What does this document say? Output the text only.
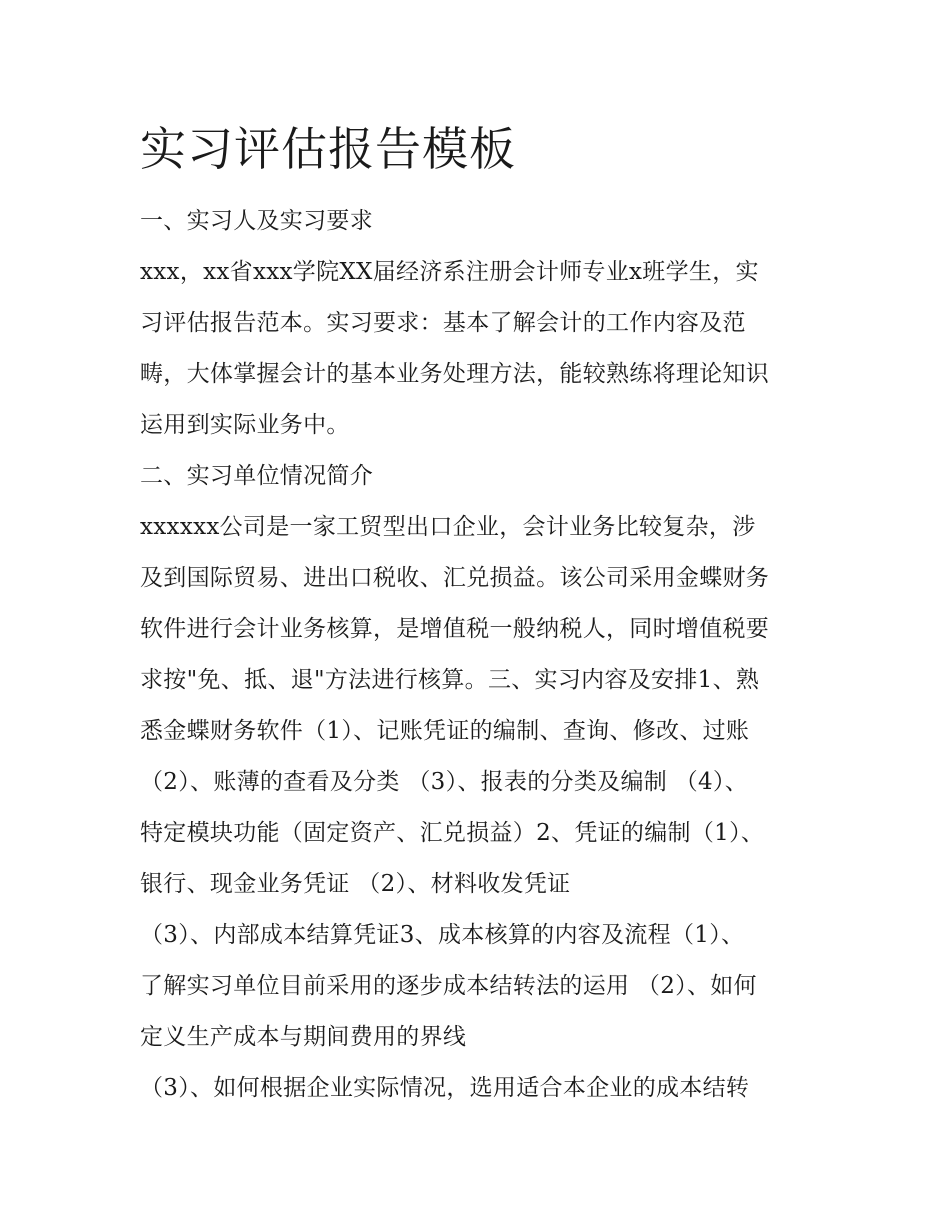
实习评估报告模板

一、实习人及实习要求

xxx，xx省xxx学院XX届经济系注册会计师专业x班学生，实

习评估报告范本。实习要求：基本了解会计的工作内容及范

畴，大体掌握会计的基本业务处理方法，能较熟练将理论知识

运用到实际业务中。

二、实习单位情况简介

xxxxxx公司是一家工贸型出口企业，会计业务比较复杂，涉

及到国际贸易、进出口税收、汇兑损益。该公司采用金蝶财务

软件进行会计业务核算，是增值税一般纳税人，同时增值税要

求按"免、抵、退"方法进行核算。三、实习内容及安排1、熟

悉金蝶财务软件（1）、记账凭证的编制、查询、修改、过账

（2）、账薄的查看及分类 （3）、报表的分类及编制 （4）、

特定模块功能（固定资产、汇兑损益）2、凭证的编制（1）、

银行、现金业务凭证 （2）、材料收发凭证

（3）、内部成本结算凭证3、成本核算的内容及流程（1）、

了解实习单位目前采用的逐步成本结转法的运用 （2）、如何

定义生产成本与期间费用的界线

（3）、如何根据企业实际情况，选用适合本企业的成本结转
